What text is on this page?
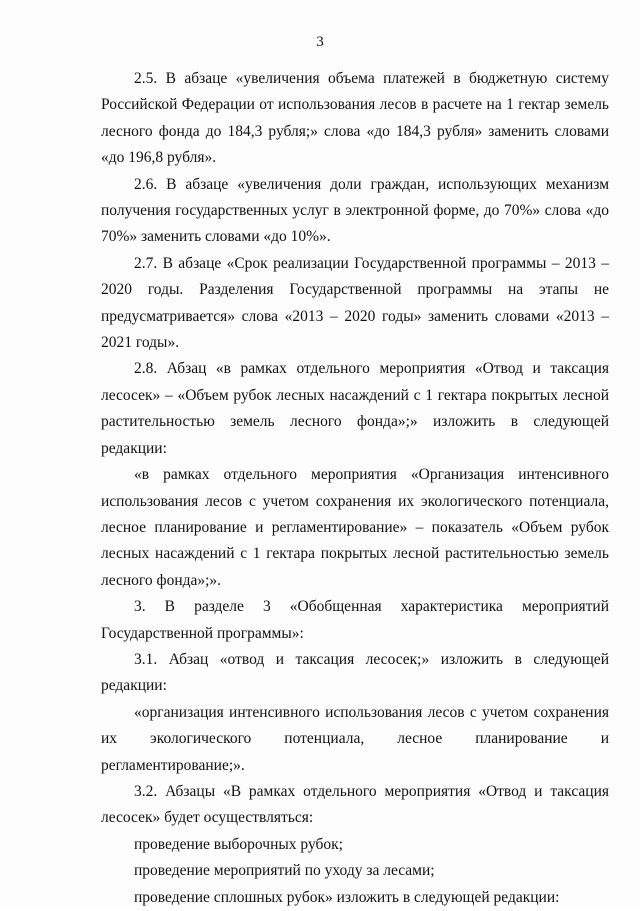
3

2.5. В абзаце «увеличения объема платежей в бюджетную систему Российской Федерации от использования лесов в расчете на 1 гектар земель лесного фонда до 184,3 рубля;» слова «до 184,3 рубля» заменить словами «до 196,8 рубля».

2.6. В абзаце «увеличения доли граждан, использующих механизм получения государственных услуг в электронной форме, до 70%» слова «до 70%» заменить словами «до 10%».

2.7. В абзаце «Срок реализации Государственной программы – 2013 – 2020 годы. Разделения Государственной программы на этапы не предусматривается» слова «2013 – 2020 годы» заменить словами «2013 – 2021 годы».

2.8. Абзац «в рамках отдельного мероприятия «Отвод и таксация лесосек» – «Объем рубок лесных насаждений с 1 гектара покрытых лесной растительностью земель лесного фонда»;» изложить в следующей редакции:

«в рамках отдельного мероприятия «Организация интенсивного использования лесов с учетом сохранения их экологического потенциала, лесное планирование и регламентирование» – показатель «Объем рубок лесных насаждений с 1 гектара покрытых лесной растительностью земель лесного фонда»;».

3. В разделе 3 «Обобщенная характеристика мероприятий Государственной программы»:

3.1. Абзац «отвод и таксация лесосек;» изложить в следующей редакции:

«организация интенсивного использования лесов с учетом сохранения их экологического потенциала, лесное планирование и регламентирование;».

3.2. Абзацы «В рамках отдельного мероприятия «Отвод и таксация лесосек» будет осуществляться:

проведение выборочных рубок;

проведение мероприятий по уходу за лесами;

проведение сплошных рубок» изложить в следующей редакции:
